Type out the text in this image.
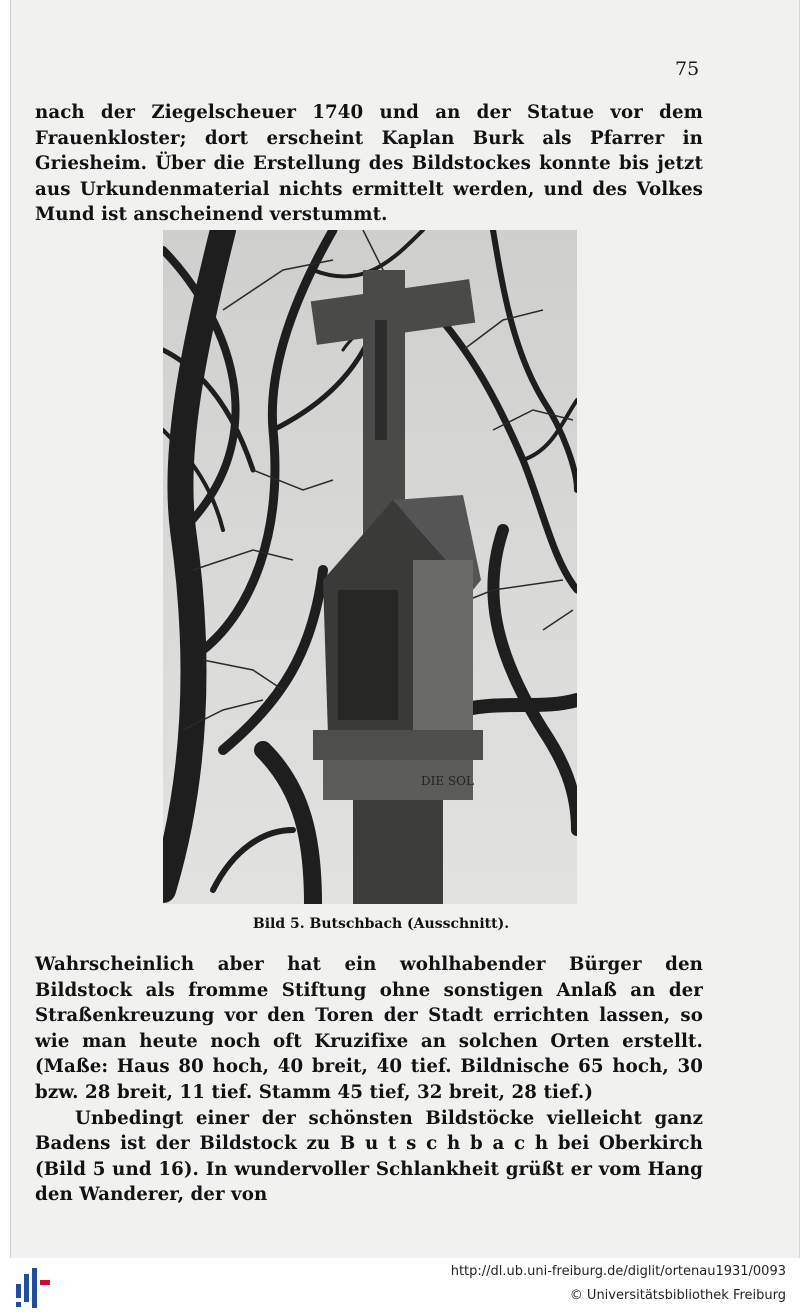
75
nach der Ziegelscheuer 1740 und an der Statue vor dem Frauenkloster; dort erscheint Kaplan Burk als Pfarrer in Griesheim. Über die Erstellung des Bildstockes konnte bis jetzt aus Urkundenmaterial nichts ermittelt werden, und des Volkes Mund ist anscheinend verstummt.
DIE SOL
Bild 5. Butschbach (Ausschnitt).
Wahrscheinlich aber hat ein wohlhabender Bürger den Bildstock als fromme Stiftung ohne sonstigen Anlaß an der Straßenkreuzung vor den Toren der Stadt errichten lassen, so wie man heute noch oft Kruzifixe an solchen Orten erstellt. (Maße: Haus 80 hoch, 40 breit, 40 tief. Bildnische 65 hoch, 30 bzw. 28 breit, 11 tief. Stamm 45 tief, 32 breit, 28 tief.)
Unbedingt einer der schönsten Bildstöcke vielleicht ganz Badens ist der Bildstock zu B u t s c h b a c h bei Oberkirch (Bild 5 und 16). In wundervoller Schlankheit grüßt er vom Hang den Wanderer, der von
http://dl.ub.uni-freiburg.de/diglit/ortenau1931/0093
© Universitätsbibliothek Freiburg
